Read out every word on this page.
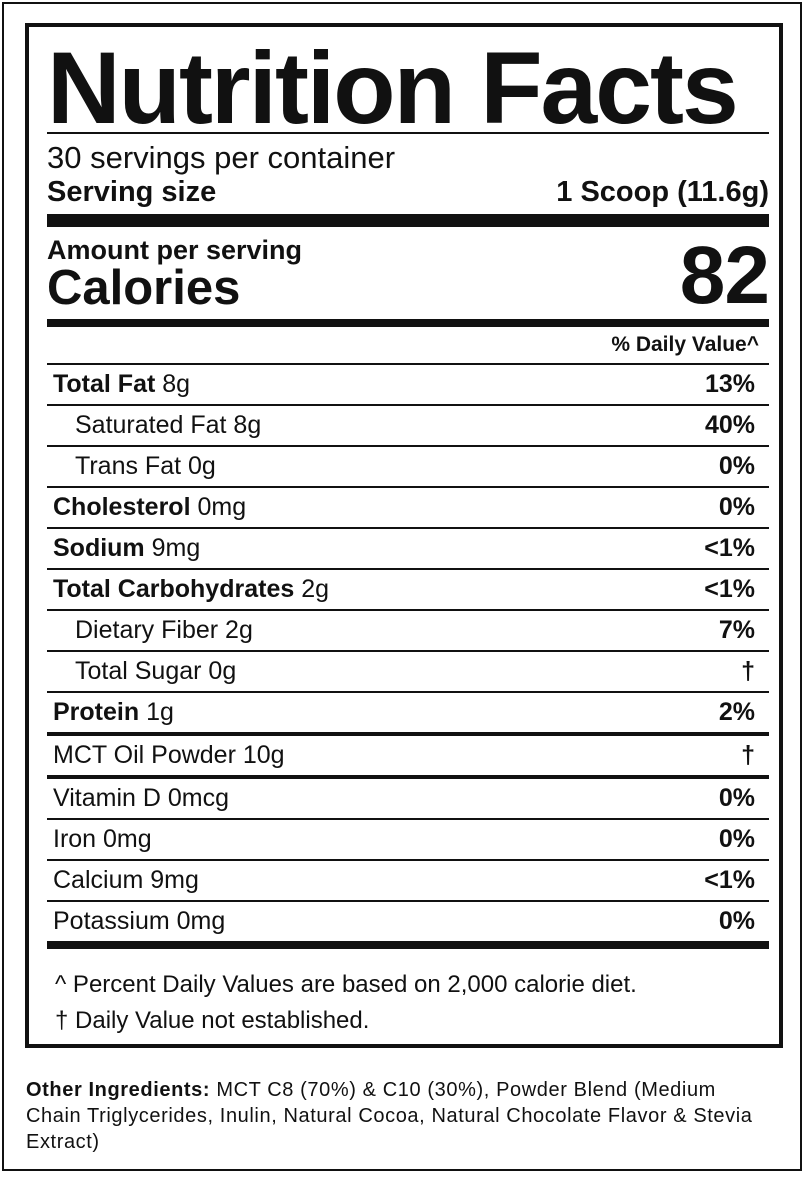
Nutrition Facts
30 servings per container
Serving size	1 Scoop (11.6g)
Amount per serving
Calories	82
% Daily Value^
Total Fat 8g	13%
Saturated Fat 8g	40%
Trans Fat 0g	0%
Cholesterol 0mg	0%
Sodium 9mg	<1%
Total Carbohydrates 2g	<1%
Dietary Fiber 2g	7%
Total Sugar 0g	†
Protein 1g	2%
MCT Oil Powder 10g	†
Vitamin D 0mcg	0%
Iron 0mg	0%
Calcium 9mg	<1%
Potassium 0mg	0%
^ Percent Daily Values are based on 2,000 calorie diet.
† Daily Value not established.
Other Ingredients: MCT C8 (70%) & C10 (30%), Powder Blend (Medium Chain Triglycerides, Inulin, Natural Cocoa, Natural Chocolate Flavor & Stevia Extract)
